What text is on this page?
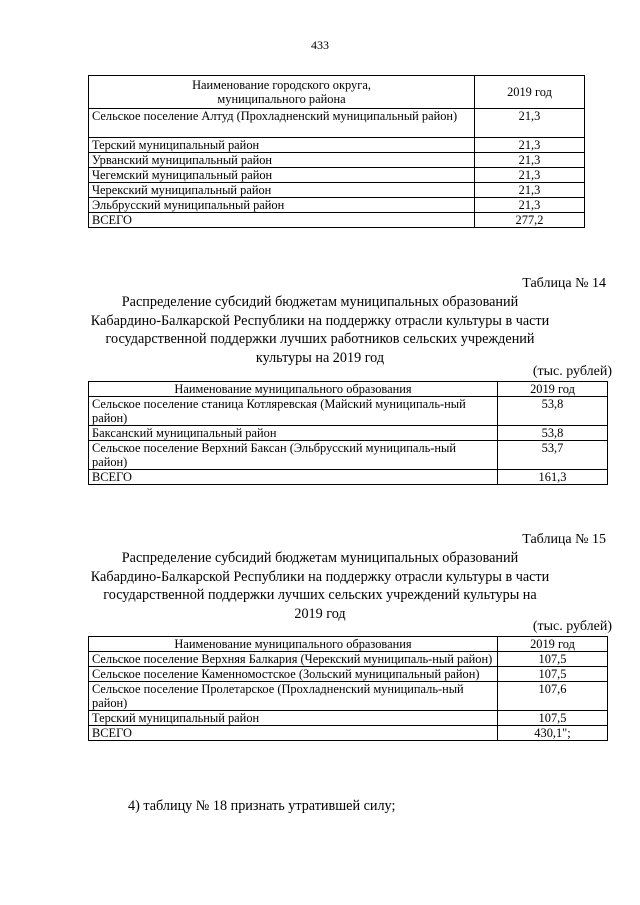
433
Наименование городского округа,
муниципального района	2019 год
Сельское поселение Алтуд (Прохладненский муниципальный район)	21,3
Терский муниципальный район	21,3
Урванский муниципальный район	21,3
Чегемский муниципальный район	21,3
Черекский муниципальный район	21,3
Эльбрусский муниципальный район	21,3
ВСЕГО	277,2
Таблица № 14
Распределение субсидий бюджетам муниципальных образований Кабардино-Балкарской Республики на поддержку отрасли культуры в части государственной поддержки лучших работников сельских учреждений культуры на 2019 год
(тыс. рублей)
Наименование муниципального образования	2019 год
Сельское поселение станица Котляревская (Майский муниципаль-ный район)	53,8
Баксанский муниципальный район	53,8
Сельское поселение Верхний Баксан (Эльбрусский муниципаль-ный район)	53,7
ВСЕГО	161,3
Таблица № 15
Распределение субсидий бюджетам муниципальных образований Кабардино-Балкарской Республики на поддержку отрасли культуры в части государственной поддержки лучших сельских учреждений культуры на 2019 год
(тыс. рублей)
Наименование муниципального образования	2019 год
Сельское поселение Верхняя Балкария (Черекский муниципаль-ный район)	107,5
Сельское поселение Каменномостское (Зольский муниципальный район)	107,5
Сельское поселение Пролетарское (Прохладненский муниципаль-ный район)	107,6
Терский муниципальный район	107,5
ВСЕГО	430,1";
4) таблицу № 18 признать утратившей силу;
